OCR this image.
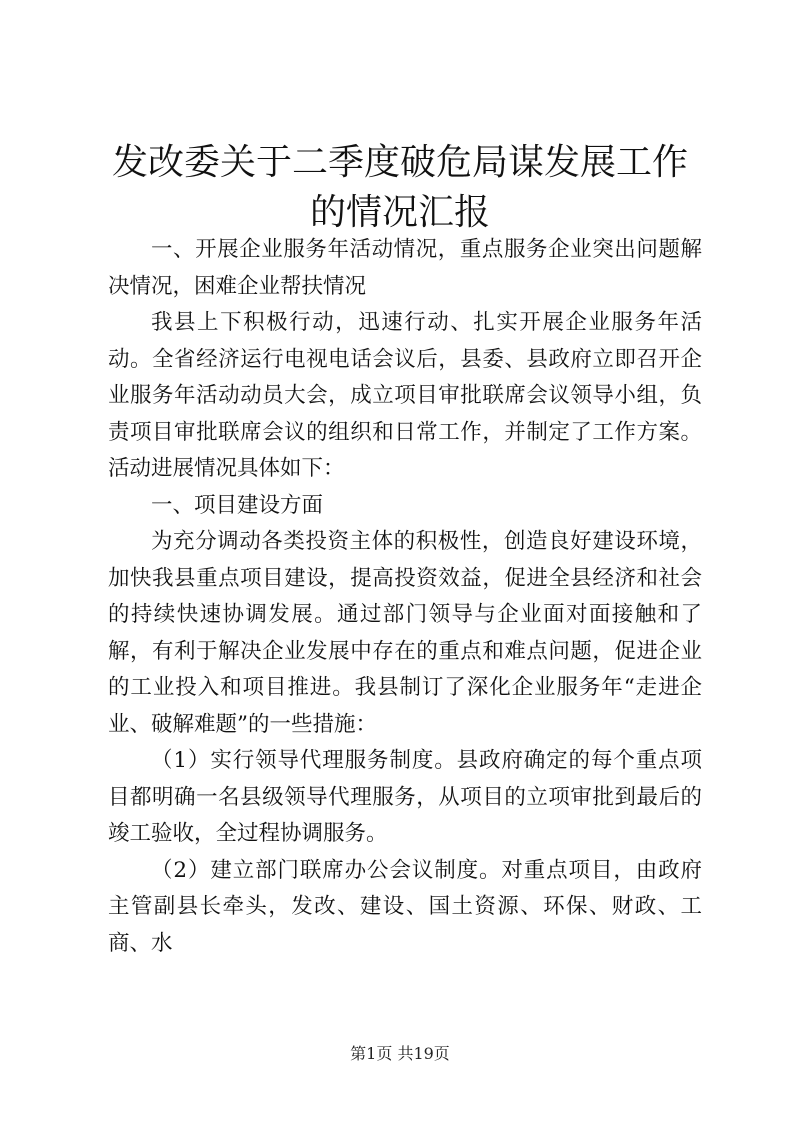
发改委关于二季度破危局谋发展工作的情况汇报

一、开展企业服务年活动情况，重点服务企业突出问题解决情况，困难企业帮扶情况

我县上下积极行动，迅速行动、扎实开展企业服务年活动。全省经济运行电视电话会议后，县委、县政府立即召开企业服务年活动动员大会，成立项目审批联席会议领导小组，负责项目审批联席会议的组织和日常工作，并制定了工作方案。活动进展情况具体如下：

一、项目建设方面

为充分调动各类投资主体的积极性，创造良好建设环境，加快我县重点项目建设，提高投资效益，促进全县经济和社会的持续快速协调发展。通过部门领导与企业面对面接触和了解，有利于解决企业发展中存在的重点和难点问题，促进企业的工业投入和项目推进。我县制订了深化企业服务年“走进企业、破解难题”的一些措施：

（1）实行领导代理服务制度。县政府确定的每个重点项目都明确一名县级领导代理服务，从项目的立项审批到最后的竣工验收，全过程协调服务。

（2）建立部门联席办公会议制度。对重点项目，由政府主管副县长牵头，发改、建设、国土资源、环保、财政、工商、水

第1页 共19页
